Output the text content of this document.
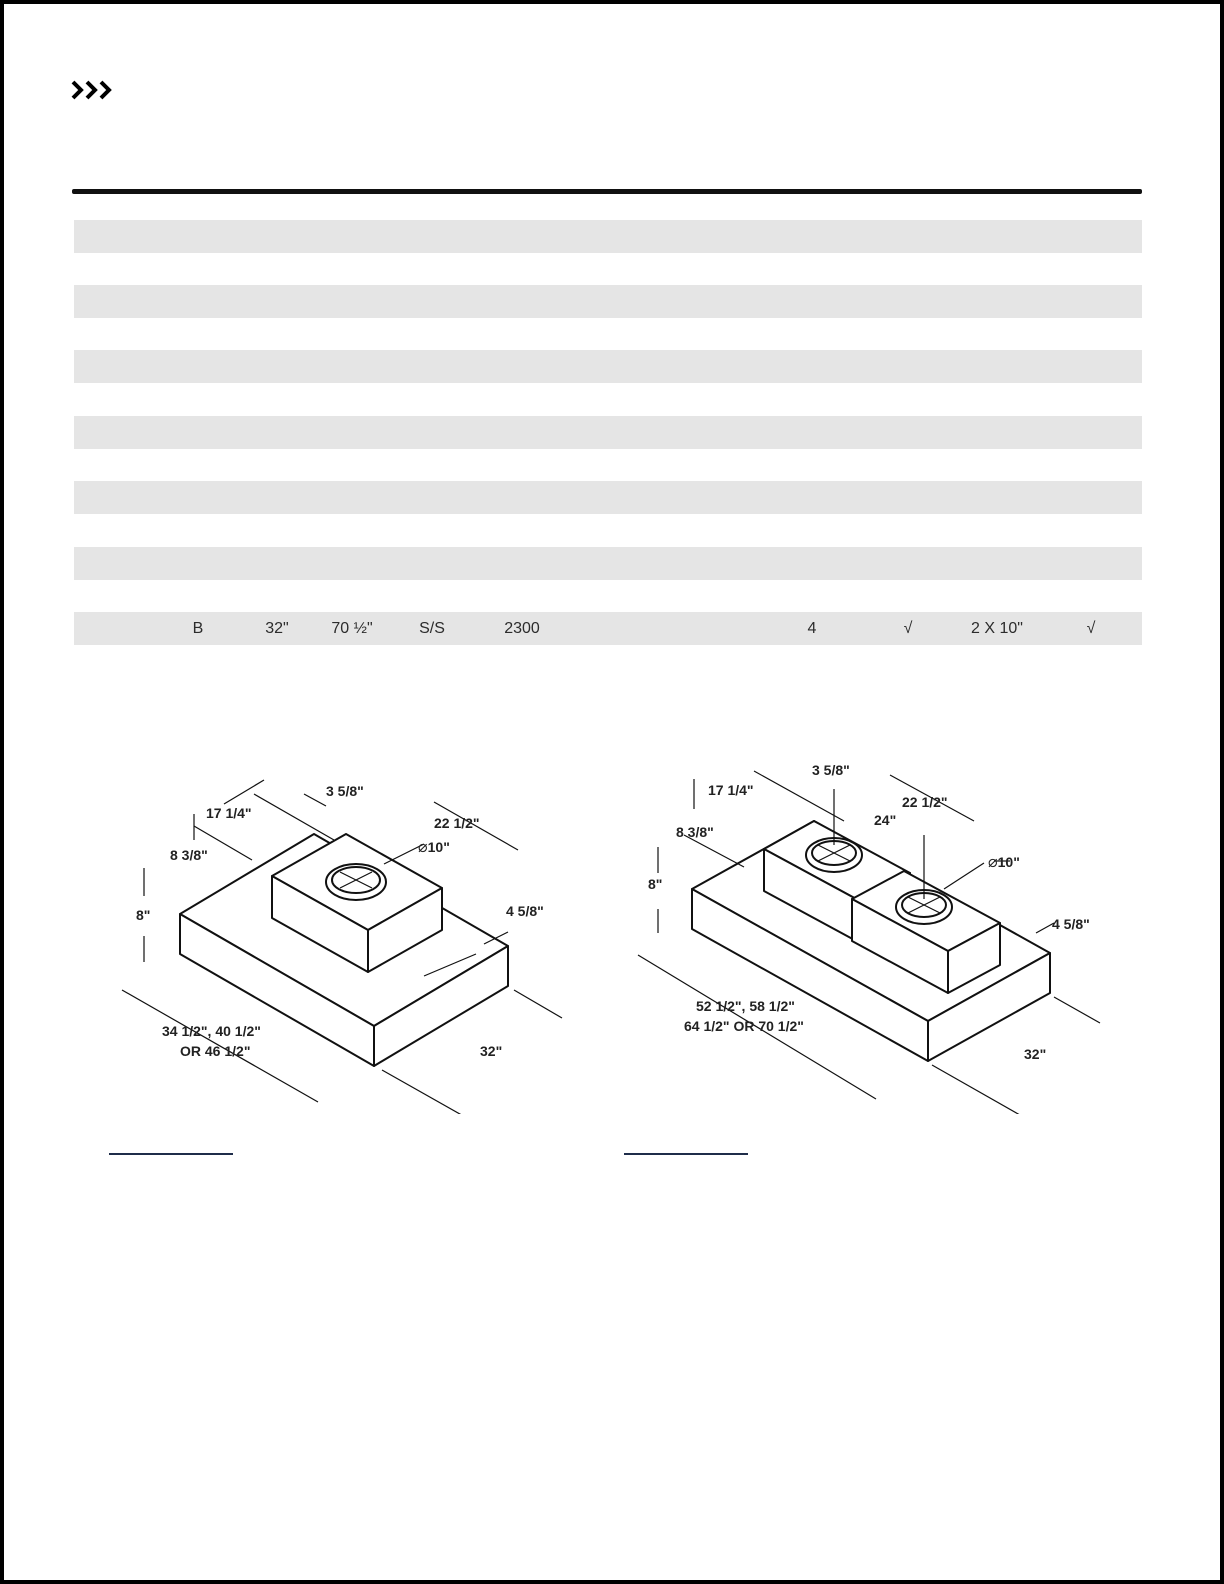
B	32"	70 ½"	S/S	2300	4	√	2 X 10"	√
3 5/8"
17 1/4"
22 1/2"
8 3/8"	⌀10"
8"	4 5/8"
34 1/2", 40 1/2"
OR 46 1/2"	32"
3 5/8"
17 1/4"
22 1/2"
24"
8 3/8"
⌀10"
8"
4 5/8"
52 1/2", 58 1/2"
64 1/2" OR 70 1/2"
32"
